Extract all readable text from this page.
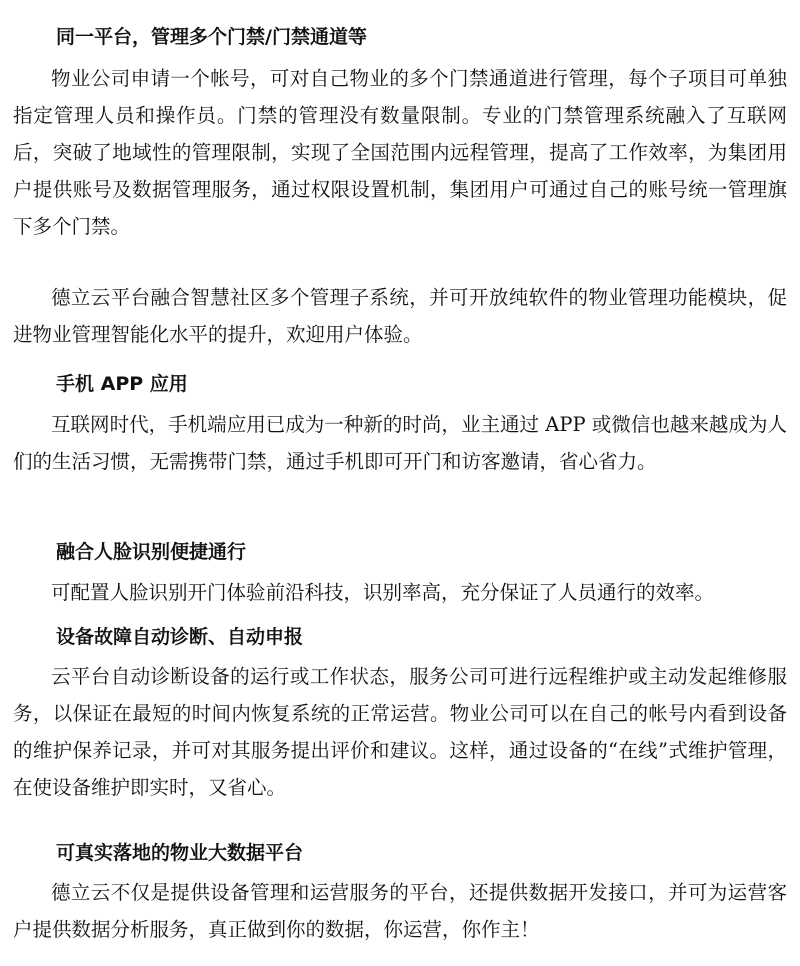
同一平台，管理多个门禁/门禁通道等

物业公司申请一个帐号，可对自己物业的多个门禁通道进行管理，每个子项目可单独指定管理人员和操作员。门禁的管理没有数量限制。专业的门禁管理系统融入了互联网后，突破了地域性的管理限制，实现了全国范围内远程管理，提高了工作效率，为集团用户提供账号及数据管理服务，通过权限设置机制，集团用户可通过自己的账号统一管理旗下多个门禁。

德立云平台融合智慧社区多个管理子系统，并可开放纯软件的物业管理功能模块，促进物业管理智能化水平的提升，欢迎用户体验。

手机 APP 应用

互联网时代，手机端应用已成为一种新的时尚，业主通过 APP 或微信也越来越成为人们的生活习惯，无需携带门禁，通过手机即可开门和访客邀请，省心省力。

融合人脸识别便捷通行

可配置人脸识别开门体验前沿科技，识别率高，充分保证了人员通行的效率。

设备故障自动诊断、自动申报

云平台自动诊断设备的运行或工作状态，服务公司可进行远程维护或主动发起维修服务，以保证在最短的时间内恢复系统的正常运营。物业公司可以在自己的帐号内看到设备的维护保养记录，并可对其服务提出评价和建议。这样，通过设备的“在线”式维护管理，在使设备维护即实时，又省心。

可真实落地的物业大数据平台

德立云不仅是提供设备管理和运营服务的平台，还提供数据开发接口，并可为运营客户提供数据分析服务，真正做到你的数据，你运营，你作主！
